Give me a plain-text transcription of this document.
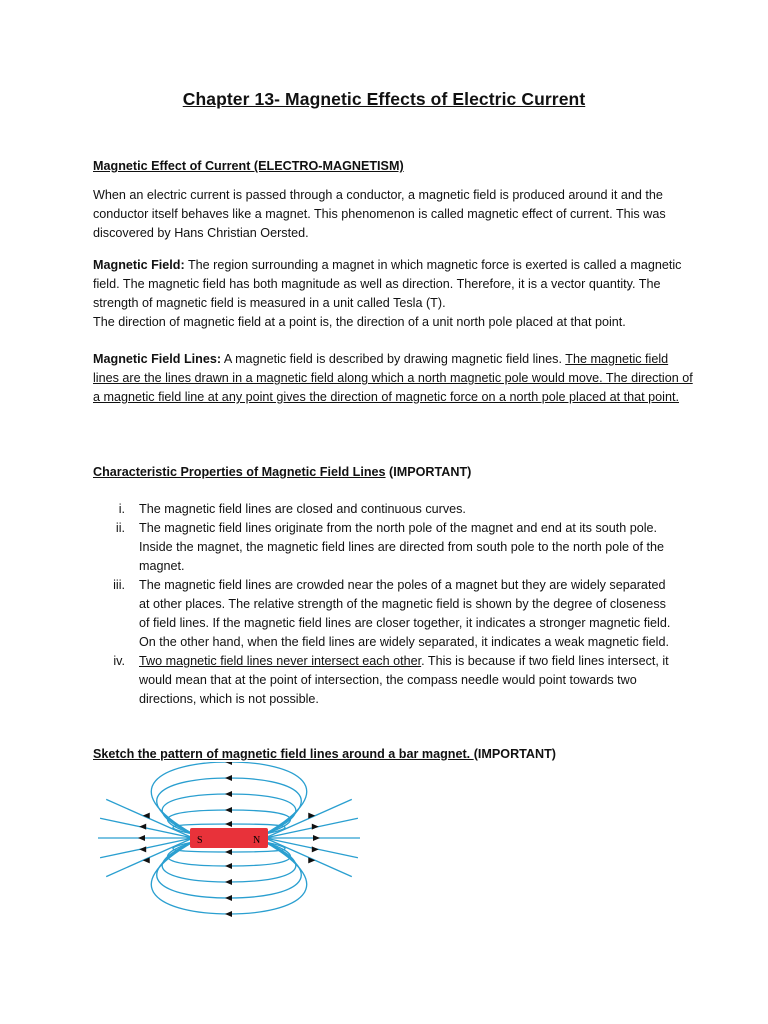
Chapter 13- Magnetic Effects of Electric Current

Magnetic Effect of Current (ELECTRO-MAGNETISM)

When an electric current is passed through a conductor, a magnetic field is produced around it and the conductor itself behaves like a magnet. This phenomenon is called magnetic effect of current. This was discovered by Hans Christian Oersted.

Magnetic Field: The region surrounding a magnet in which magnetic force is exerted is called a magnetic field. The magnetic field has both magnitude as well as direction. Therefore, it is a vector quantity. The strength of magnetic field is measured in a unit called Tesla (T).

The direction of magnetic field at a point is, the direction of a unit north pole placed at that point.

Magnetic Field Lines: A magnetic field is described by drawing magnetic field lines. The magnetic field lines are the lines drawn in a magnetic field along which a north magnetic pole would move. The direction of a magnetic field line at any point gives the direction of magnetic force on a north pole placed at that point.

Characteristic Properties of Magnetic Field Lines (IMPORTANT)

i. The magnetic field lines are closed and continuous curves.
ii. The magnetic field lines originate from the north pole of the magnet and end at its south pole. Inside the magnet, the magnetic field lines are directed from south pole to the north pole of the magnet.
iii. The magnetic field lines are crowded near the poles of a magnet but they are widely separated at other places. The relative strength of the magnetic field is shown by the degree of closeness of field lines. If the magnetic field lines are closer together, it indicates a stronger magnetic field. On the other hand, when the field lines are widely separated, it indicates a weak magnetic field.
iv. Two magnetic field lines never intersect each other. This is because if two field lines intersect, it would mean that at the point of intersection, the compass needle would point towards two directions, which is not possible.

Sketch the pattern of magnetic field lines around a bar magnet. (IMPORTANT)

S	N
